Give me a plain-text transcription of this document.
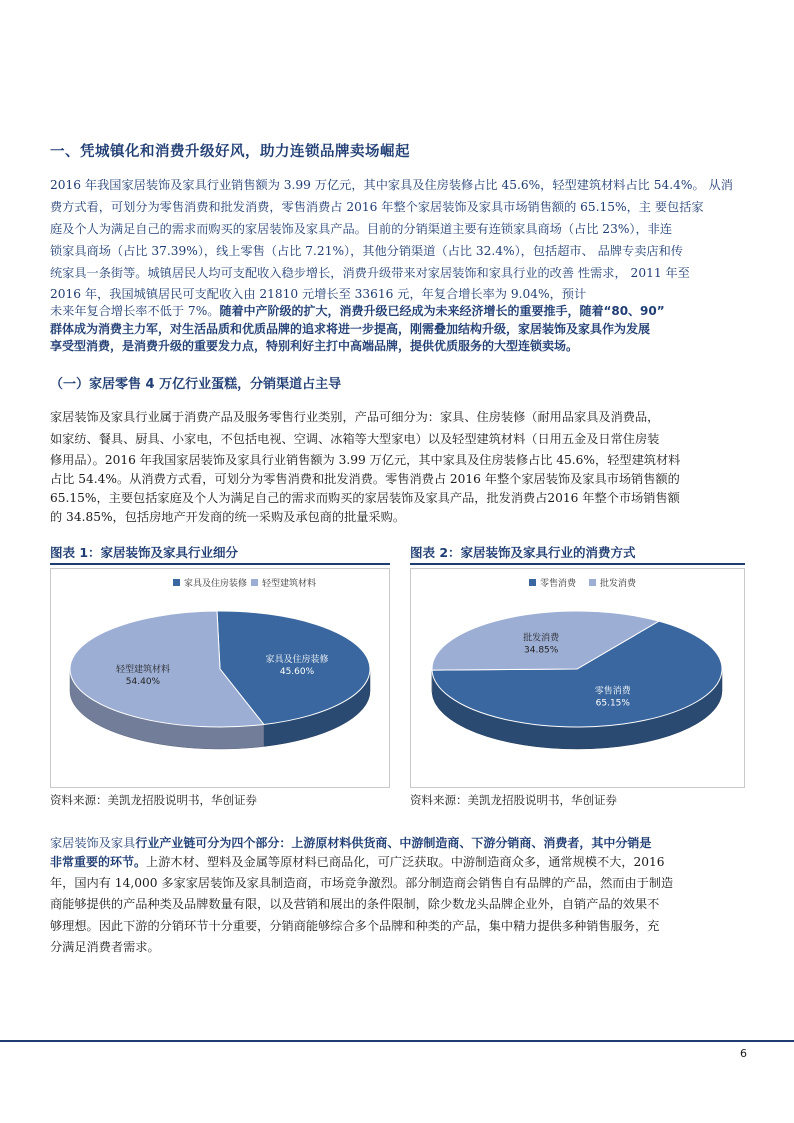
一、凭城镇化和消费升级好风，助力连锁品牌卖场崛起
2016 年我国家居装饰及家具行业销售额为 3.99 万亿元，其中家具及住房装修占比 45.6%，轻型建筑材料占比 54.4%。 从消
费方式看，可划分为零售消费和批发消费，零售消费占 2016 年整个家居装饰及家具市场销售额的 65.15%，主 要包括家
庭及个人为满足自己的需求而购买的家居装饰及家具产品。目前的分销渠道主要有连锁家具商场（占比 23%），非连
锁家具商场（占比 37.39%），线上零售（占比 7.21%），其他分销渠道（占比 32.4%），包括超市、 品牌专卖店和传
统家具一条街等。城镇居民人均可支配收入稳步增长，消费升级带来对家居装饰和家具行业的改善 性需求， 2011 年至
2016 年，我国城镇居民可支配收入由 21810 元增长至 33616 元，年复合增长率为 9.04%，预计
未来年复合增长率不低于 7%。随着中产阶级的扩大，消费升级已经成为未来经济增长的重要推手，随着“80、90”
群体成为消费主力军，对生活品质和优质品牌的追求将进一步提高，刚需叠加结构升级，家居装饰及家具作为发展
享受型消费，是消费升级的重要发力点，特别利好主打中高端品牌，提供优质服务的大型连锁卖场。
（一）家居零售 4 万亿行业蛋糕，分销渠道占主导
家居装饰及家具行业属于消费产品及服务零售行业类别，产品可细分为：家具、住房装修（耐用品家具及消费品，
如家纺、餐具、厨具、小家电，不包括电视、空调、冰箱等大型家电）以及轻型建筑材料（日用五金及日常住房装
修用品）。2016 年我国家居装饰及家具行业销售额为 3.99 万亿元，其中家具及住房装修占比 45.6%，轻型建筑材料
占比 54.4%。从消费方式看，可划分为零售消费和批发消费。零售消费占 2016 年整个家居装饰及家具市场销售额的
65.15%，主要包括家庭及个人为满足自己的需求而购买的家居装饰及家具产品，批发消费占2016 年整个市场销售额
的 34.85%，包括房地产开发商的统一采购及承包商的批量采购。
图表 1：家居装饰及家具行业细分
家具及住房装修 轻型建筑材料
家具及住房装修
45.60%
轻型建筑材料
54.40%
资料来源：美凯龙招股说明书，华创证券
图表 2：家居装饰及家具行业的消费方式
零售消费	批发消费
零售消费
65.15%
批发消费
34.85%
资料来源：美凯龙招股说明书，华创证券
家居装饰及家具行业产业链可分为四个部分：上游原材料供货商、中游制造商、下游分销商、消费者，其中分销是
非常重要的环节。上游木材、塑料及金属等原材料已商品化，可广泛获取。中游制造商众多，通常规模不大，2016
年，国内有 14,000 多家家居装饰及家具制造商，市场竞争激烈。部分制造商会销售自有品牌的产品，然而由于制造
商能够提供的产品种类及品牌数量有限，以及营销和展出的条件限制，除少数龙头品牌企业外，自销产品的效果不
够理想。因此下游的分销环节十分重要，分销商能够综合多个品牌和种类的产品，集中精力提供多种销售服务，充
分满足消费者需求。
6
